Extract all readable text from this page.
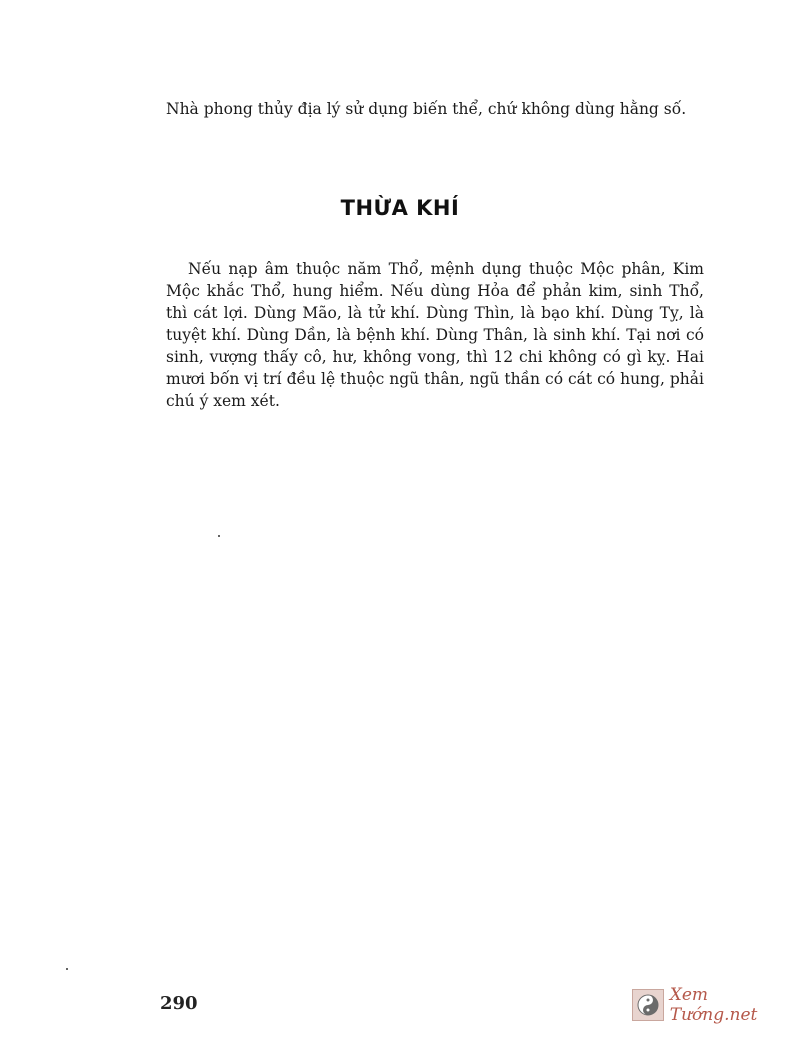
Nhà phong thủy địa lý sử dụng biến thể, chứ không dùng hằng số.

THỪA KHÍ

Nếu nạp âm thuộc năm Thổ, mệnh dụng thuộc Mộc phân, Kim Mộc khắc Thổ, hung hiểm. Nếu dùng Hỏa để phản kim, sinh Thổ, thì cát lợi. Dùng Mão, là tử khí. Dùng Thìn, là bạo khí. Dùng Tỵ, là tuyệt khí. Dùng Dần, là bệnh khí. Dùng Thân, là sinh khí. Tại nơi có sinh, vượng thấy cô, hư, không vong, thì 12 chi không có gì kỵ. Hai mươi bốn vị trí đều lệ thuộc ngũ thân, ngũ thần có cát có hung, phải chú ý xem xét.

290	Xem Tướng.net
